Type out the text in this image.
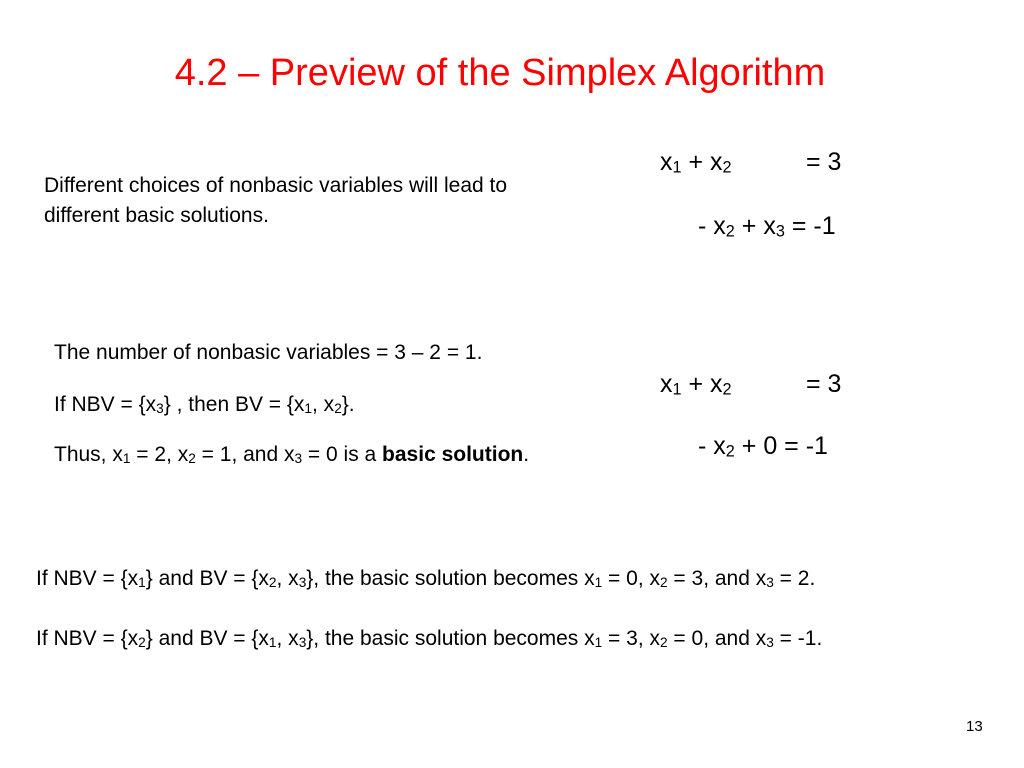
4.2 – Preview of the Simplex Algorithm
Different choices of nonbasic variables will lead to
different basic solutions.
$x_1 + x_2$	= 3
- $x_2 + x_3 = -1$
The number of nonbasic variables = 3 – 2 = 1.
If NBV = $\{x_3\}$ , then BV = {$x_1$, $x_2$}.
Thus, $x_1 = 2$, $x_2 = 1$, and $x_3 = 0$ is a basic solution.
$x_1 + x_2$	= 3
- $x_2 + 0 = -1$
If NBV = $\{x_1\}$ and BV = {$x_2$, $x_3$}, the basic solution becomes $x_1 = 0$, $x_2 = 3$, and $x_3 = 2$.
If NBV = $\{x_2\}$ and BV = {$x_1$, $x_3$}, the basic solution becomes $x_1 = 3$, $x_2 = 0$, and $x_3 = -1$.
13
